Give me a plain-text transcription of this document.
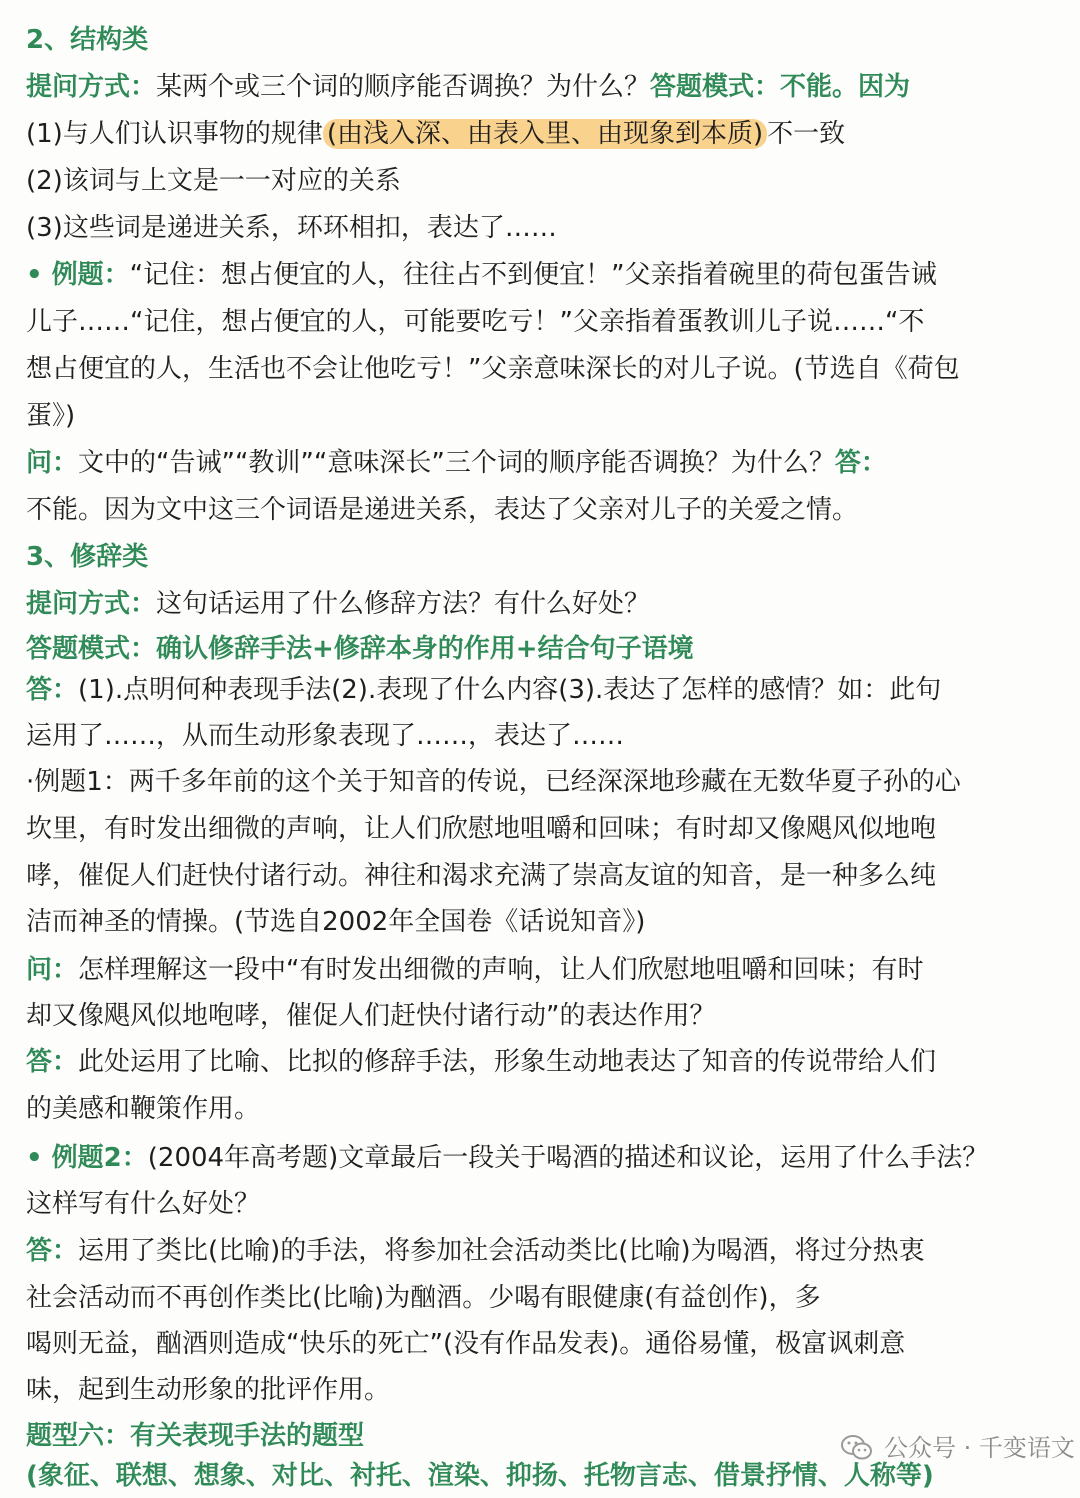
2、结构类
提问方式：某两个或三个词的顺序能否调换？为什么？答题模式：不能。因为
(1)与人们认识事物的规律 (由浅入深、由表入里、由现象到本质) 不一致
(2)该词与上文是一一对应的关系
(3)这些词是递进关系，环环相扣，表达了……
• 例题：“记住：想占便宜的人，往往占不到便宜！”父亲指着碗里的荷包蛋告诫
儿子……“记住，想占便宜的人，可能要吃亏！”父亲指着蛋教训儿子说……“不
想占便宜的人，生活也不会让他吃亏！”父亲意味深长的对儿子说。(节选自《荷包
蛋》)
问：文中的“告诫”“教训”“意味深长”三个词的顺序能否调换？为什么？答：
不能。因为文中这三个词语是递进关系，表达了父亲对儿子的关爱之情。
3、修辞类
提问方式：这句话运用了什么修辞方法？有什么好处？
答题模式：确认修辞手法+修辞本身的作用+结合句子语境
答：(1).点明何种表现手法(2).表现了什么内容(3).表达了怎样的感情？如：此句
运用了……，从而生动形象表现了……，表达了……
·例题1：两千多年前的这个关于知音的传说，已经深深地珍藏在无数华夏子孙的心
坎里，有时发出细微的声响，让人们欣慰地咀嚼和回味；有时却又像飓风似地咆
哮，催促人们赶快付诸行动。神往和渴求充满了崇高友谊的知音，是一种多么纯
洁而神圣的情操。(节选自2002年全国卷《话说知音》)
问：怎样理解这一段中“有时发出细微的声响，让人们欣慰地咀嚼和回味；有时
却又像飓风似地咆哮，催促人们赶快付诸行动”的表达作用？
答：此处运用了比喻、比拟的修辞手法，形象生动地表达了知音的传说带给人们
的美感和鞭策作用。
• 例题2：(2004年高考题)文章最后一段关于喝酒的描述和议论，运用了什么手法？
这样写有什么好处？
答：运用了类比(比喻)的手法，将参加社会活动类比(比喻)为喝酒，将过分热衷
社会活动而不再创作类比(比喻)为酗酒。少喝有眼健康(有益创作)，多
喝则无益，酗酒则造成“快乐的死亡”(没有作品发表)。通俗易懂，极富讽刺意
味，起到生动形象的批评作用。
题型六：有关表现手法的题型
(象征、联想、想象、对比、衬托、渲染、抑扬、托物言志、借景抒情、人称等)
公众号 · 千变语文
